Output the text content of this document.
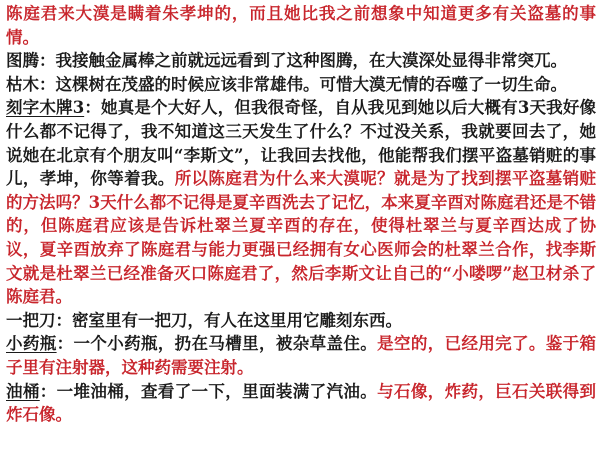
陈庭君来大漠是瞒着朱孝坤的，而且她比我之前想象中知道更多有关盗墓的事情。

图腾：我接触金属棒之前就远远看到了这种图腾，在大漠深处显得非常突兀。

枯木：这棵树在茂盛的时候应该非常雄伟。可惜大漠无情的吞噬了一切生命。

刻字木牌3：她真是个大好人，但我很奇怪，自从我见到她以后大概有3天我好像什么都不记得了，我不知道这三天发生了什么？不过没关系，我就要回去了，她说她在北京有个朋友叫“李斯文”，让我回去找他，他能帮我们摆平盗墓销赃的事儿，孝坤，你等着我。所以陈庭君为什么来大漠呢？就是为了找到摆平盗墓销赃的方法吗？3天什么都不记得是夏辛酉洗去了记忆，本来夏辛酉对陈庭君还是不错的，但陈庭君应该是告诉杜翠兰夏辛酉的存在，使得杜翠兰与夏辛酉达成了协议，夏辛酉放弃了陈庭君与能力更强已经拥有女心医师会的杜翠兰合作，找李斯文就是杜翠兰已经准备灭口陈庭君了，然后李斯文让自己的“小喽啰”赵卫材杀了陈庭君。

一把刀：密室里有一把刀，有人在这里用它雕刻东西。

小药瓶：一个小药瓶，扔在马槽里，被杂草盖住。是空的，已经用完了。鉴于箱子里有注射器，这种药需要注射。

油桶：一堆油桶，查看了一下，里面装满了汽油。与石像，炸药，巨石关联得到炸石像。
